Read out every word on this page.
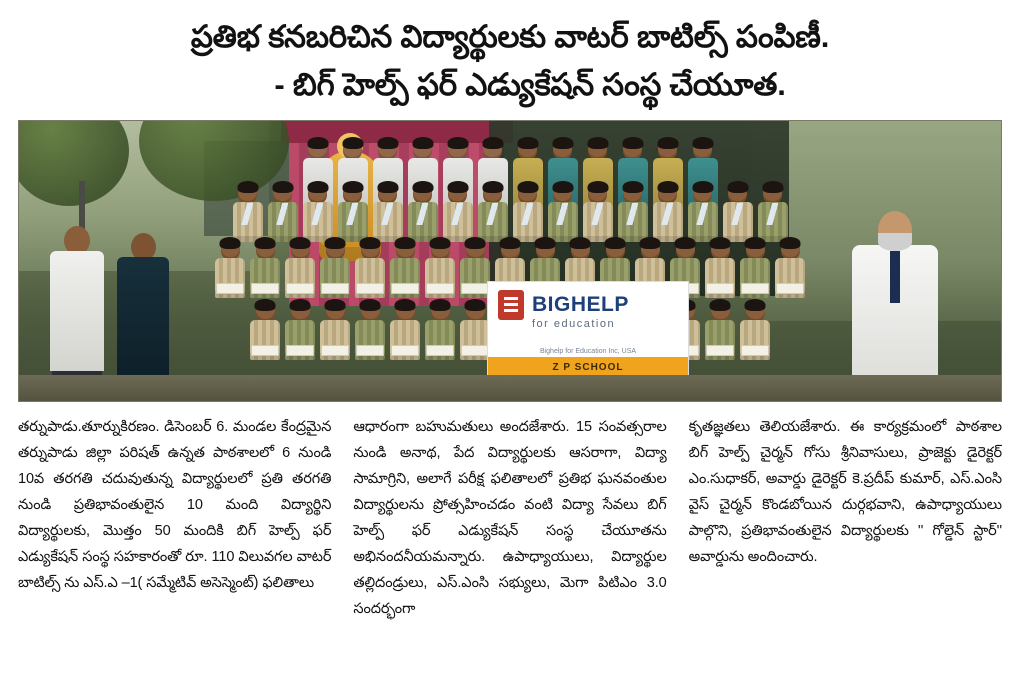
ప్రతిభ కనబరిచిన విద్యార్థులకు వాటర్ బాటిల్స్ పంపిణీ.
- బిగ్ హెల్ప్ ఫర్ ఎడ్యుకేషన్ సంస్థ చేయూత.
BIGHELP
for education
Bighelp for Education Inc, USA
Z P SCHOOL
తర్నుపాడు.తూర్నుకిరణం. డిసెంబర్ 6. మండల కేంద్రమైన తర్నుపాడు జిల్లా పరిషత్ ఉన్నత పాఠశాలలో 6 నుండి 10వ తరగతి చదువుతున్న విద్యార్థులలో ప్రతి తరగతి నుండి ప్రతిభావంతులైన 10 మంది విద్యార్థిని విద్యార్థులకు, మొత్తం 50 మందికి బిగ్ హెల్ప్ ఫర్ ఎడ్యుకేషన్ సంస్థ సహకారంతో రూ. 110 విలువగల వాటర్ బాటిల్స్ ను ఎస్.ఎ –1( సమ్మేటివ్ అసెస్మెంట్) ఫలితాలు
ఆధారంగా బహుమతులు అందజేశారు. 15 సంవత్సరాల నుండి అనాథ, పేద విద్యార్థులకు ఆసరాగా, విద్యా సామాగ్రిని, అలాగే పరీక్ష ఫలితాలలో ప్రతిభ ఘనవంతుల విద్యార్థులను ప్రోత్సహించడం వంటి విద్యా సేవలు బిగ్ హెల్ప్ ఫర్ ఎడ్యుకేషన్ సంస్థ చేయూతను అభినందనీయమన్నారు. ఉపాధ్యాయులు, విద్యార్థుల తల్లిదండ్రులు, ఎస్.ఎంసి సభ్యులు, మెగా పిటిఎం 3.0 సందర్భంగా
కృతజ్ఞతలు తెలియజేశారు. ఈ కార్యక్రమంలో పాఠశాల బిగ్ హెల్ప్ చైర్మన్ గోసు శ్రీనివాసులు, ప్రాజెక్టు డైరెక్టర్ ఎం.సుధాకర్, అవార్డు డైరెక్టర్ కె.ప్రదీప్ కుమార్, ఎస్.ఎంసి వైస్ చైర్మన్ కొండబోయిన దుర్గభవాని, ఉపాధ్యాయులు పాల్గొని, ప్రతిభావంతులైన విద్యార్థులకు '' గోల్డెన్ స్టార్'' అవార్డును అందించారు.
